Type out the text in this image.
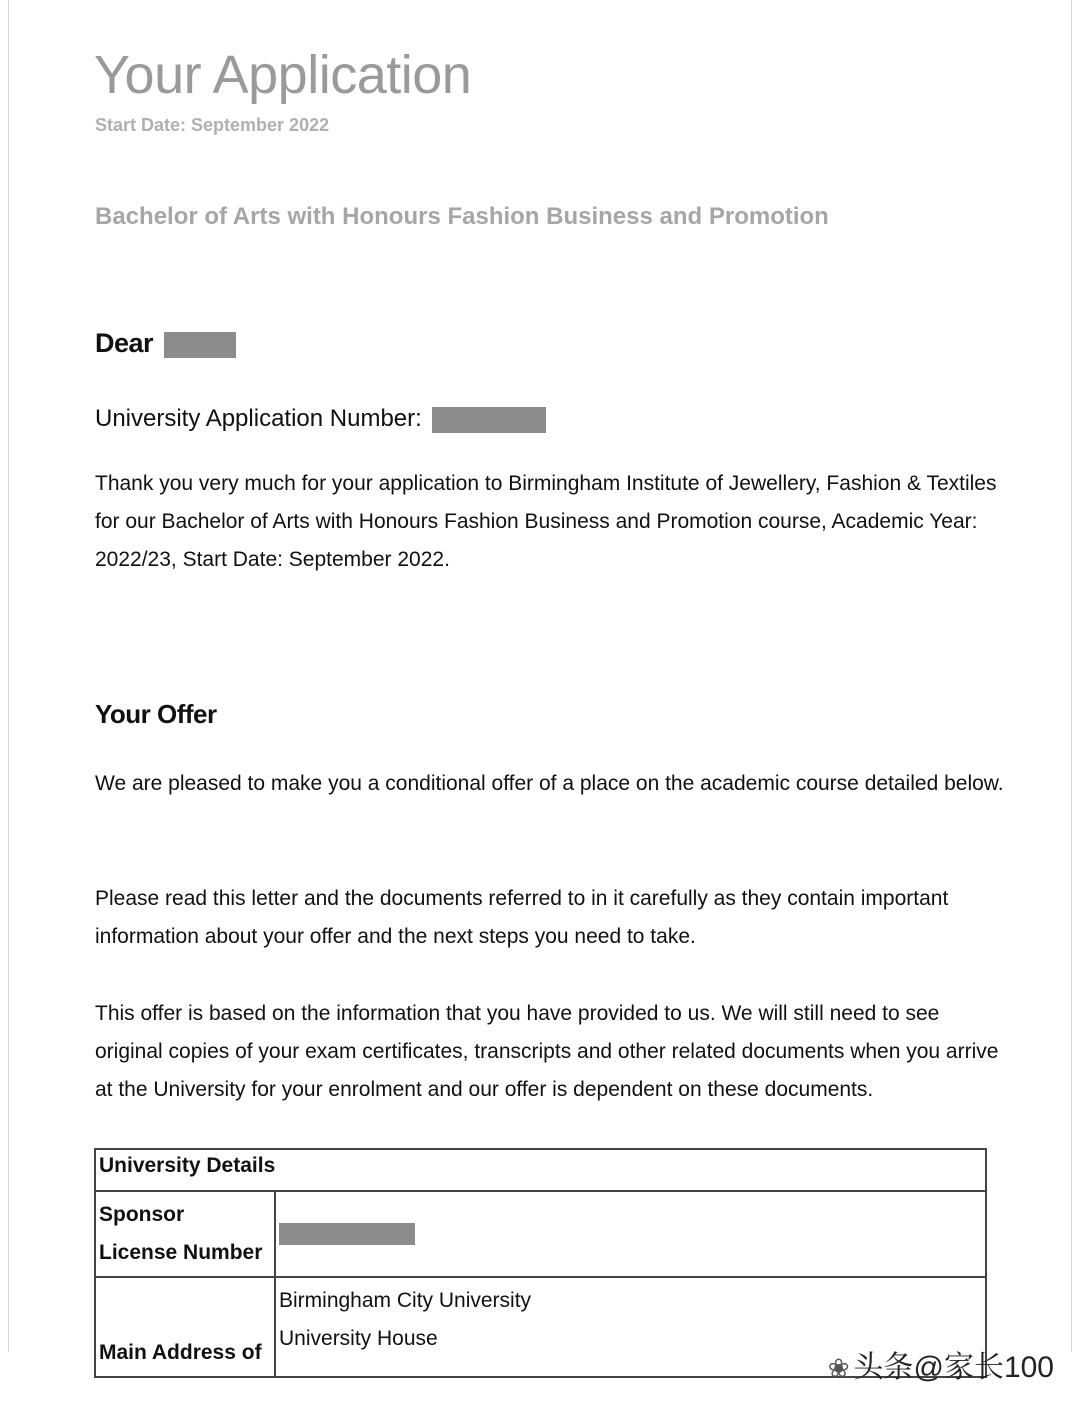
Your Application
Start Date: September 2022
Bachelor of Arts with Honours Fashion Business and Promotion
Dear
University Application Number:

Thank you very much for your application to Birmingham Institute of Jewellery, Fashion & Textiles for our Bachelor of Arts with Honours Fashion Business and Promotion course, Academic Year: 2022/23, Start Date: September 2022.

Your Offer

We are pleased to make you a conditional offer of a place on the academic course detailed below.

Please read this letter and the documents referred to in it carefully as they contain important information about your offer and the next steps you need to take.

This offer is based on the information that you have provided to us. We will still need to see original copies of your exam certificates, transcripts and other related documents when you arrive at the University for your enrolment and our offer is dependent on these documents.

University Details	

Sponsor
License Number	

Main Address of	Birmingham City University
University House
❀ 头条@家长100
